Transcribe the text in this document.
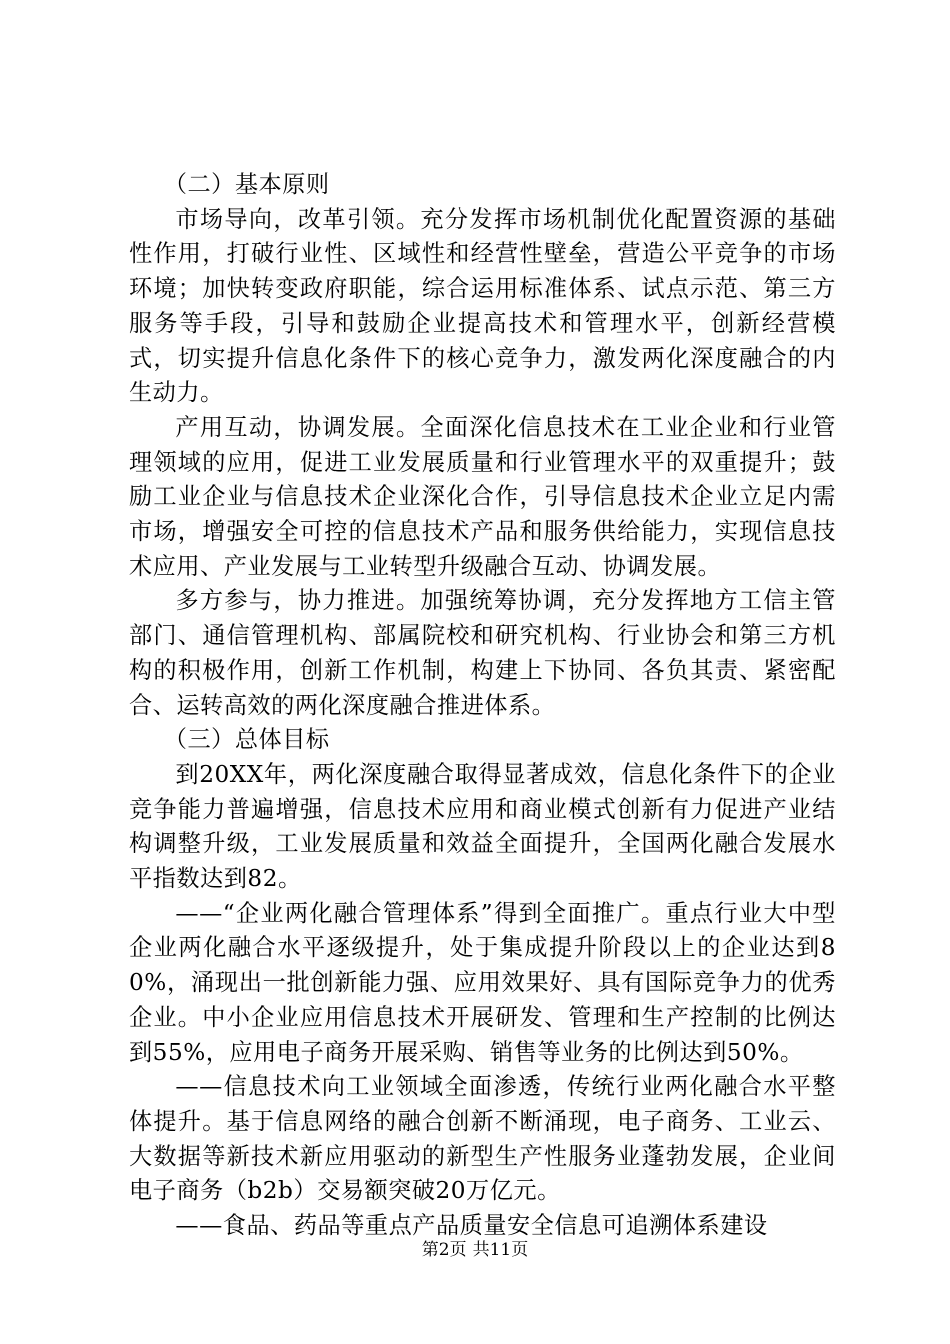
（二）基本原则

市场导向，改革引领。充分发挥市场机制优化配置资源的基础性作用，打破行业性、区域性和经营性壁垒，营造公平竞争的市场环境；加快转变政府职能，综合运用标准体系、试点示范、第三方服务等手段，引导和鼓励企业提高技术和管理水平，创新经营模式，切实提升信息化条件下的核心竞争力，激发两化深度融合的内生动力。

产用互动，协调发展。全面深化信息技术在工业企业和行业管理领域的应用，促进工业发展质量和行业管理水平的双重提升；鼓励工业企业与信息技术企业深化合作，引导信息技术企业立足内需市场，增强安全可控的信息技术产品和服务供给能力，实现信息技术应用、产业发展与工业转型升级融合互动、协调发展。

多方参与，协力推进。加强统筹协调，充分发挥地方工信主管部门、通信管理机构、部属院校和研究机构、行业协会和第三方机构的积极作用，创新工作机制，构建上下协同、各负其责、紧密配合、运转高效的两化深度融合推进体系。

（三）总体目标

到20XX年，两化深度融合取得显著成效，信息化条件下的企业竞争能力普遍增强，信息技术应用和商业模式创新有力促进产业结构调整升级，工业发展质量和效益全面提升，全国两化融合发展水平指数达到82。

——“企业两化融合管理体系”得到全面推广。重点行业大中型企业两化融合水平逐级提升，处于集成提升阶段以上的企业达到80%，涌现出一批创新能力强、应用效果好、具有国际竞争力的优秀企业。中小企业应用信息技术开展研发、管理和生产控制的比例达到55%，应用电子商务开展采购、销售等业务的比例达到50%。

——信息技术向工业领域全面渗透，传统行业两化融合水平整体提升。基于信息网络的融合创新不断涌现，电子商务、工业云、大数据等新技术新应用驱动的新型生产性服务业蓬勃发展，企业间电子商务（b2b）交易额突破20万亿元。

——食品、药品等重点产品质量安全信息可追溯体系建设

第2页 共11页
